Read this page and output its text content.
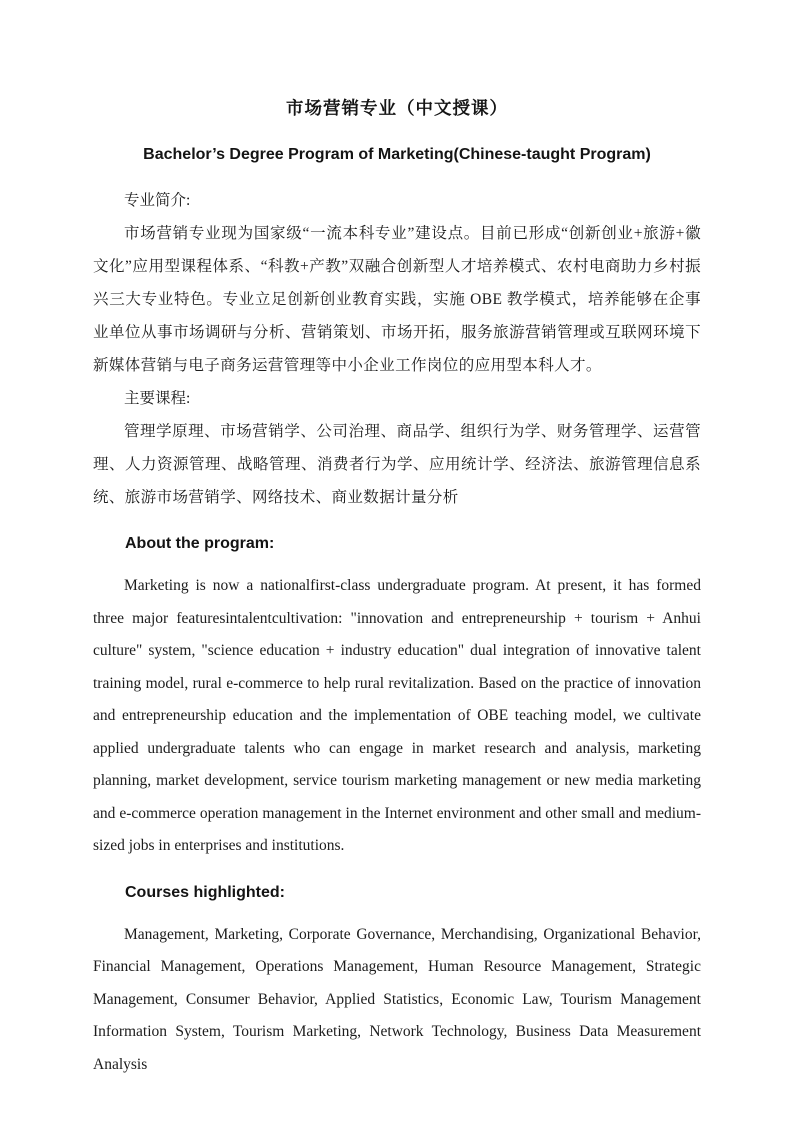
市场营销专业（中文授课）
Bachelor’s Degree Program of Marketing(Chinese-taught Program)

专业简介:

市场营销专业现为国家级“一流本科专业”建设点。目前已形成“创新创业+旅游+徽文化”应用型课程体系、“科教+产教”双融合创新型人才培养模式、农村电商助力乡村振兴三大专业特色。专业立足创新创业教育实践，实施 OBE 教学模式，培养能够在企事业单位从事市场调研与分析、营销策划、市场开拓，服务旅游营销管理或互联网环境下新媒体营销与电子商务运营管理等中小企业工作岗位的应用型本科人才。

主要课程:

管理学原理、市场营销学、公司治理、商品学、组织行为学、财务管理学、运营管理、人力资源管理、战略管理、消费者行为学、应用统计学、经济法、旅游管理信息系统、旅游市场营销学、网络技术、商业数据计量分析

About the program:

Marketing is now a nationalfirst-class undergraduate program. At present, it has formed three major featuresintalentcultivation: "innovation and entrepreneurship + tourism + Anhui culture" system, "science education + industry education" dual integration of innovative talent training model, rural e-commerce to help rural revitalization. Based on the practice of innovation and entrepreneurship education and the implementation of OBE teaching model, we cultivate applied undergraduate talents who can engage in market research and analysis, marketing planning, market development, service tourism marketing management or new media marketing and e-commerce operation management in the Internet environment and other small and medium-sized jobs in enterprises and institutions.

Courses highlighted:

Management, Marketing, Corporate Governance, Merchandising, Organizational Behavior, Financial Management, Operations Management, Human Resource Management, Strategic Management, Consumer Behavior, Applied Statistics, Economic Law, Tourism Management Information System, Tourism Marketing, Network Technology, Business Data Measurement Analysis
